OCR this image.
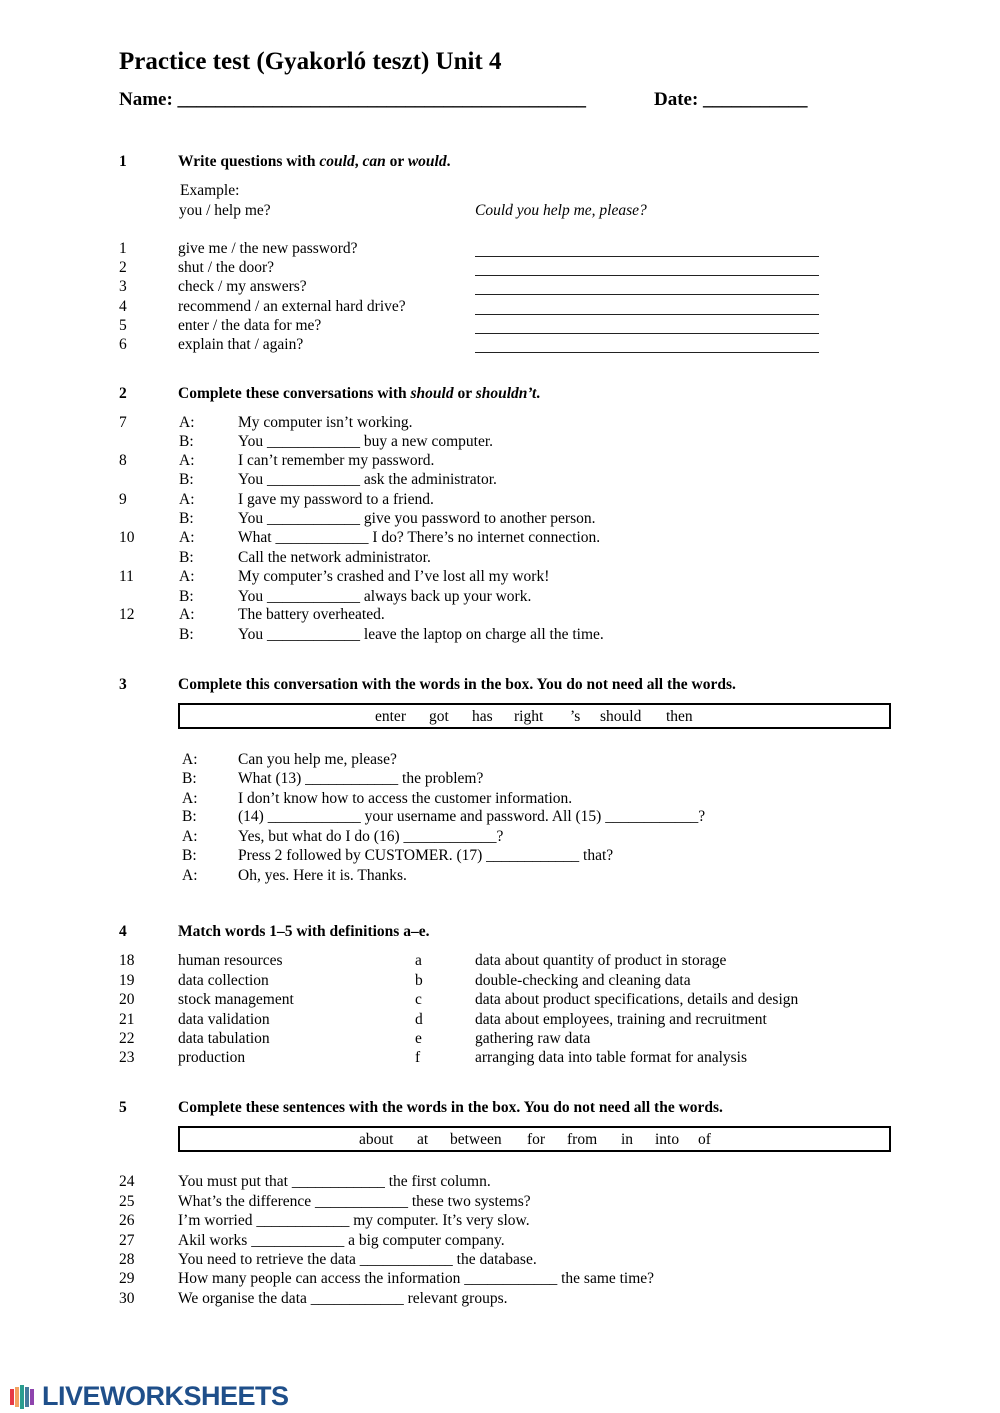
Practice test (Gyakorló teszt) Unit 4
Name: ___________________________________________	Date: ___________
1	Write questions with could, can or would.
Example:
you / help me?	Could you help me, please?
1	give me / the new password?
2	shut / the door?
3	check / my answers?
4	recommend / an external hard drive?
5	enter / the data for me?
6	explain that / again?
2	Complete these conversations with should or shouldn’t.
7	A:	My computer isn’t working.
B:	You ____________ buy a new computer.
8	A:	I can’t remember my password.
B:	You ____________ ask the administrator.
9	A:	I gave my password to a friend.
B:	You ____________ give you password to another person.
10	A:	What ____________ I do? There’s no internet connection.
B:	Call the network administrator.
11	A:	My computer’s crashed and I’ve lost all my work!
B:	You ____________ always back up your work.
12	A:	The battery overheated.
B:	You ____________ leave the laptop on charge all the time.
3	Complete this conversation with the words in the box. You do not need all the words.

enter

got

has

right

’s

should

then

A:	Can you help me, please?
B:	What (13) ____________ the problem?
A:	I don’t know how to access the customer information.
B:	(14) ____________ your username and password. All (15) ____________?
A:	Yes, but what do I do (16) ____________?
B:	Press 2 followed by CUSTOMER. (17) ____________ that?
A:	Oh, yes. Here it is. Thanks.
4	Match words 1–5 with definitions a–e.
18	human resources	a	data about quantity of product in storage
19	data collection	b	double-checking and cleaning data
20	stock management	c	data about product specifications, details and design
21	data validation	d	data about employees, training and recruitment
22	data tabulation	e	gathering raw data
23	production	f	arranging data into table format for analysis
5	Complete these sentences with the words in the box. You do not need all the words.

about

at

between

for

from

in

into

of

24	You must put that ____________ the first column.
25	What’s the difference ____________ these two systems?
26	I’m worried ____________ my computer. It’s very slow.
27	Akil works ____________ a big computer company.
28	You need to retrieve the data ____________ the database.
29	How many people can access the information ____________ the same time?
30	We organise the data ____________ relevant groups.
LIVEWORKSHEETS
